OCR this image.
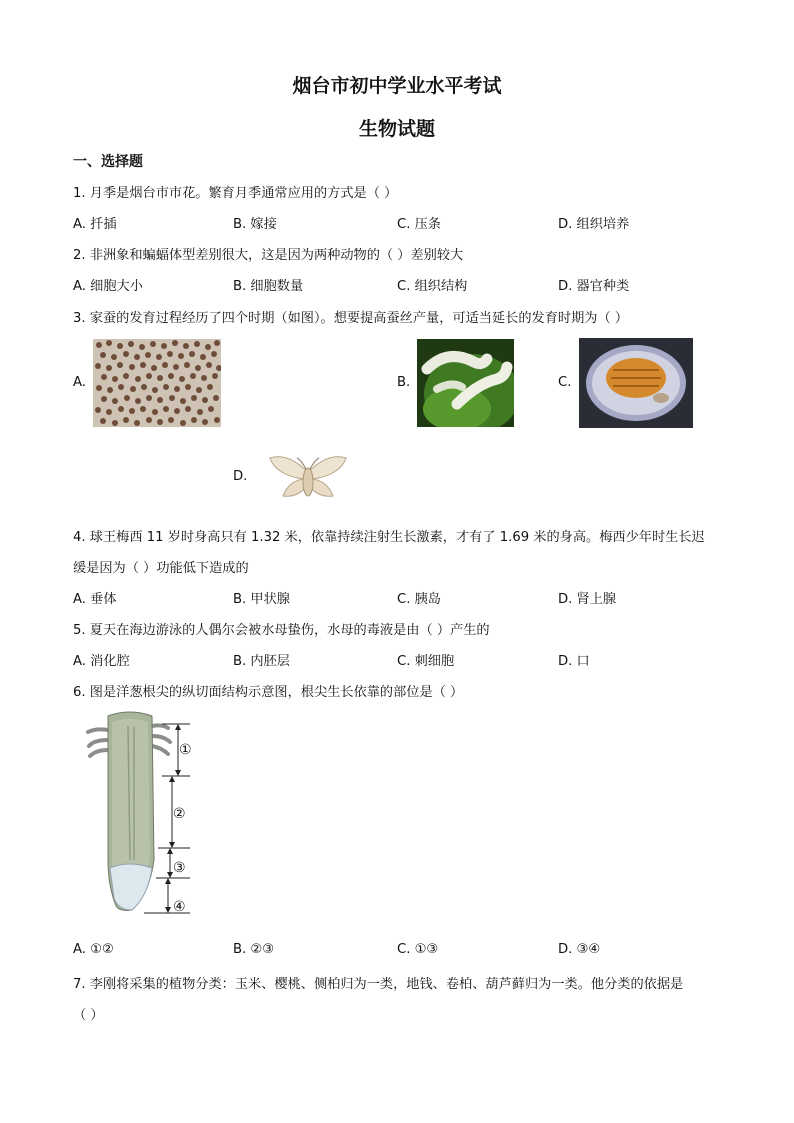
烟台市初中学业水平考试
生物试题
一、选择题
1. 月季是烟台市市花。繁育月季通常应用的方式是（ ）
A. 扦插	B. 嫁接	C. 压条	D. 组织培养
2. 非洲象和蝙蝠体型差别很大，这是因为两种动物的（ ）差别较大
A. 细胞大小	B. 细胞数量	C. 组织结构	D. 器官种类
3. 家蚕的发育过程经历了四个时期（如图）。想要提高蚕丝产量，可适当延长的发育时期为（ ）
A.	B.	C.
D.
4. 球王梅西 11 岁时身高只有 1.32 米，依靠持续注射生长激素，才有了 1.69 米的身高。梅西少年时生长迟
缓是因为（ ）功能低下造成的
A. 垂体	B. 甲状腺	C. 胰岛	D. 肾上腺
5. 夏天在海边游泳的人偶尔会被水母蛰伤，水母的毒液是由（ ）产生的
A. 消化腔	B. 内胚层	C. 刺细胞	D. 口
6. 图是洋葱根尖的纵切面结构示意图，根尖生长依靠的部位是（ ）
①
②
③
④
A. ①②	B. ②③	C. ①③	D. ③④
7. 李刚将采集的植物分类：玉米、樱桃、侧柏归为一类，地钱、卷柏、葫芦藓归为一类。他分类的依据是
（ ）
